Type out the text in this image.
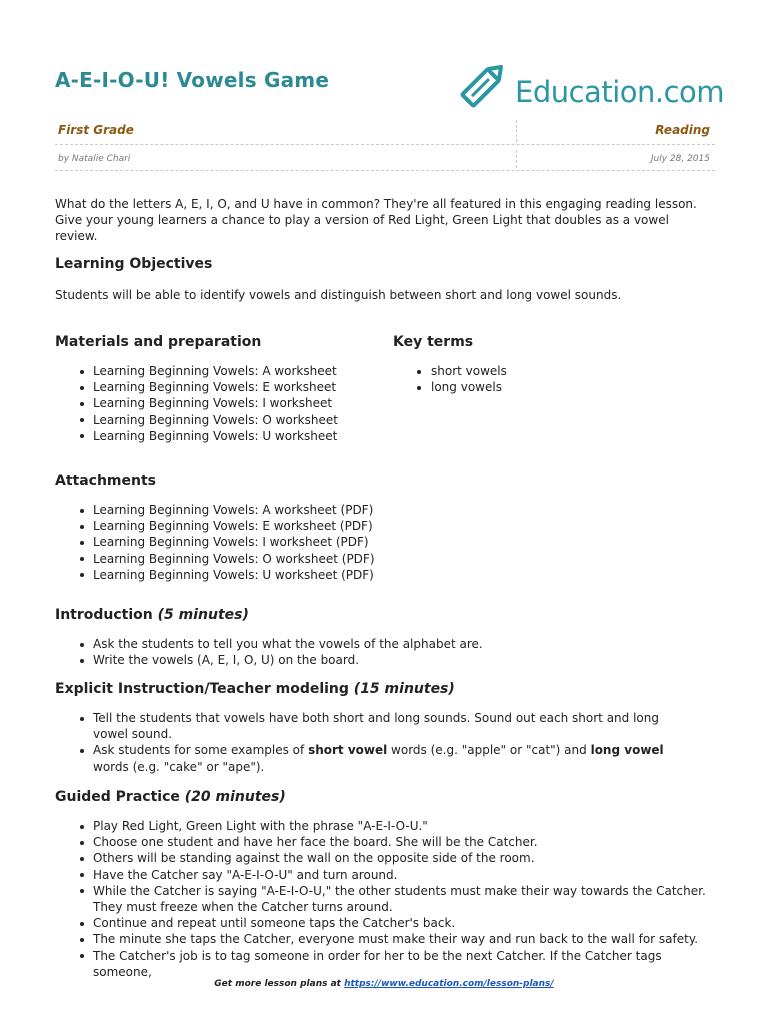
A-E-I-O-U! Vowels Game	Education.com
First Grade	Reading
by Natalie Chari	July 28, 2015

What do the letters A, E, I, O, and U have in common? They're all featured in this engaging reading lesson. Give your young learners a chance to play a version of Red Light, Green Light that doubles as a vowel review.

Learning Objectives

Students will be able to identify vowels and distinguish between short and long vowel sounds.

Materials and preparation
Learning Beginning Vowels: A worksheet
Learning Beginning Vowels: E worksheet
Learning Beginning Vowels: I worksheet
Learning Beginning Vowels: O worksheet
Learning Beginning Vowels: U worksheet
Key terms
short vowels
long vowels
Attachments
Learning Beginning Vowels: A worksheet (PDF)
Learning Beginning Vowels: E worksheet (PDF)
Learning Beginning Vowels: I worksheet (PDF)
Learning Beginning Vowels: O worksheet (PDF)
Learning Beginning Vowels: U worksheet (PDF)
Introduction (5 minutes)
Ask the students to tell you what the vowels of the alphabet are.
Write the vowels (A, E, I, O, U) on the board.
Explicit Instruction/Teacher modeling (15 minutes)
Tell the students that vowels have both short and long sounds. Sound out each short and long vowel sound.
Ask students for some examples of short vowel words (e.g. "apple" or "cat") and long vowel words (e.g. "cake" or "ape").
Guided Practice (20 minutes)
Play Red Light, Green Light with the phrase "A-E-I-O-U."
Choose one student and have her face the board. She will be the Catcher.
Others will be standing against the wall on the opposite side of the room.
Have the Catcher say "A-E-I-O-U" and turn around.
While the Catcher is saying "A-E-I-O-U," the other students must make their way towards the Catcher. They must freeze when the Catcher turns around.
Continue and repeat until someone taps the Catcher's back.
The minute she taps the Catcher, everyone must make their way and run back to the wall for safety.
The Catcher's job is to tag someone in order for her to be the next Catcher. If the Catcher tags someone,
Get more lesson plans at https://www.education.com/lesson-plans/
